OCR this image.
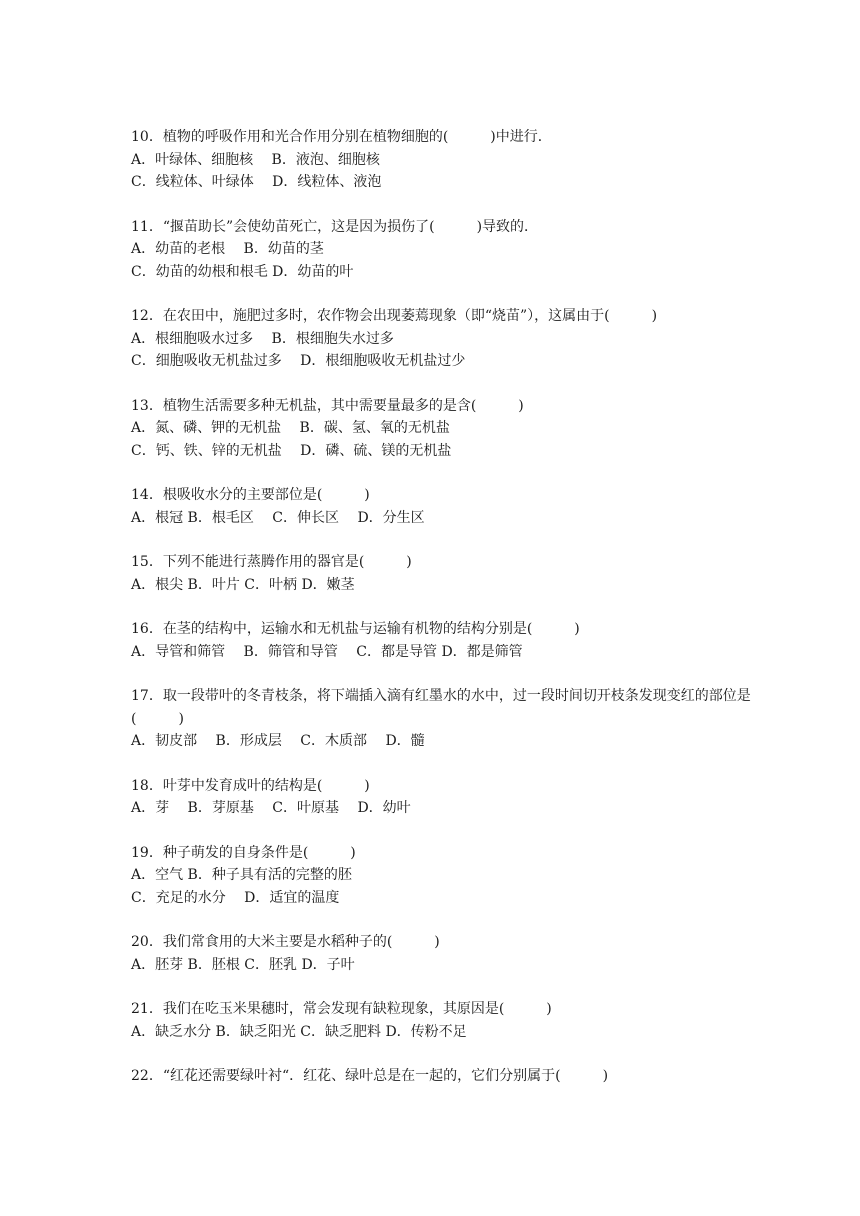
10．植物的呼吸作用和光合作用分别在植物细胞的(　　　)中进行．

A．叶绿体、细胞核　 B．液泡、细胞核

C．线粒体、叶绿体　 D．线粒体、液泡

11．“揠苗助长”会使幼苗死亡，这是因为损伤了(　　　)导致的．

A．幼苗的老根　 B．幼苗的茎

C．幼苗的幼根和根毛 D．幼苗的叶

12．在农田中，施肥过多时，农作物会出现萎蔫现象（即“烧苗”），这属由于(　　　)

A．根细胞吸水过多　 B．根细胞失水过多

C．细胞吸收无机盐过多　 D．根细胞吸收无机盐过少

13．植物生活需要多种无机盐，其中需要量最多的是含(　　　)

A．氮、磷、钾的无机盐　 B．碳、氢、氧的无机盐

C．钙、铁、锌的无机盐　 D．磷、硫、镁的无机盐

14．根吸收水分的主要部位是(　　　)

A．根冠 B．根毛区　 C．伸长区　 D．分生区

15．下列不能进行蒸腾作用的器官是(　　　)

A．根尖 B．叶片 C．叶柄 D．嫩茎

16．在茎的结构中，运输水和无机盐与运输有机物的结构分别是(　　　)

A．导管和筛管　 B．筛管和导管　 C．都是导管 D．都是筛管

17．取一段带叶的冬青枝条，将下端插入滴有红墨水的水中，过一段时间切开枝条发现变红的部位是(　　　)

A．韧皮部　 B．形成层　 C．木质部　 D．髓

18．叶芽中发育成叶的结构是(　　　)

A．芽　 B．芽原基　 C．叶原基　 D．幼叶

19．种子萌发的自身条件是(　　　)

A．空气 B．种子具有活的完整的胚

C．充足的水分　 D．适宜的温度

20．我们常食用的大米主要是水稻种子的(　　　)

A．胚芽 B．胚根 C．胚乳 D．子叶

21．我们在吃玉米果穗时，常会发现有缺粒现象，其原因是(　　　)

A．缺乏水分 B．缺乏阳光 C．缺乏肥料 D．传粉不足

22．“红花还需要绿叶衬“．红花、绿叶总是在一起的，它们分别属于(　　　)
